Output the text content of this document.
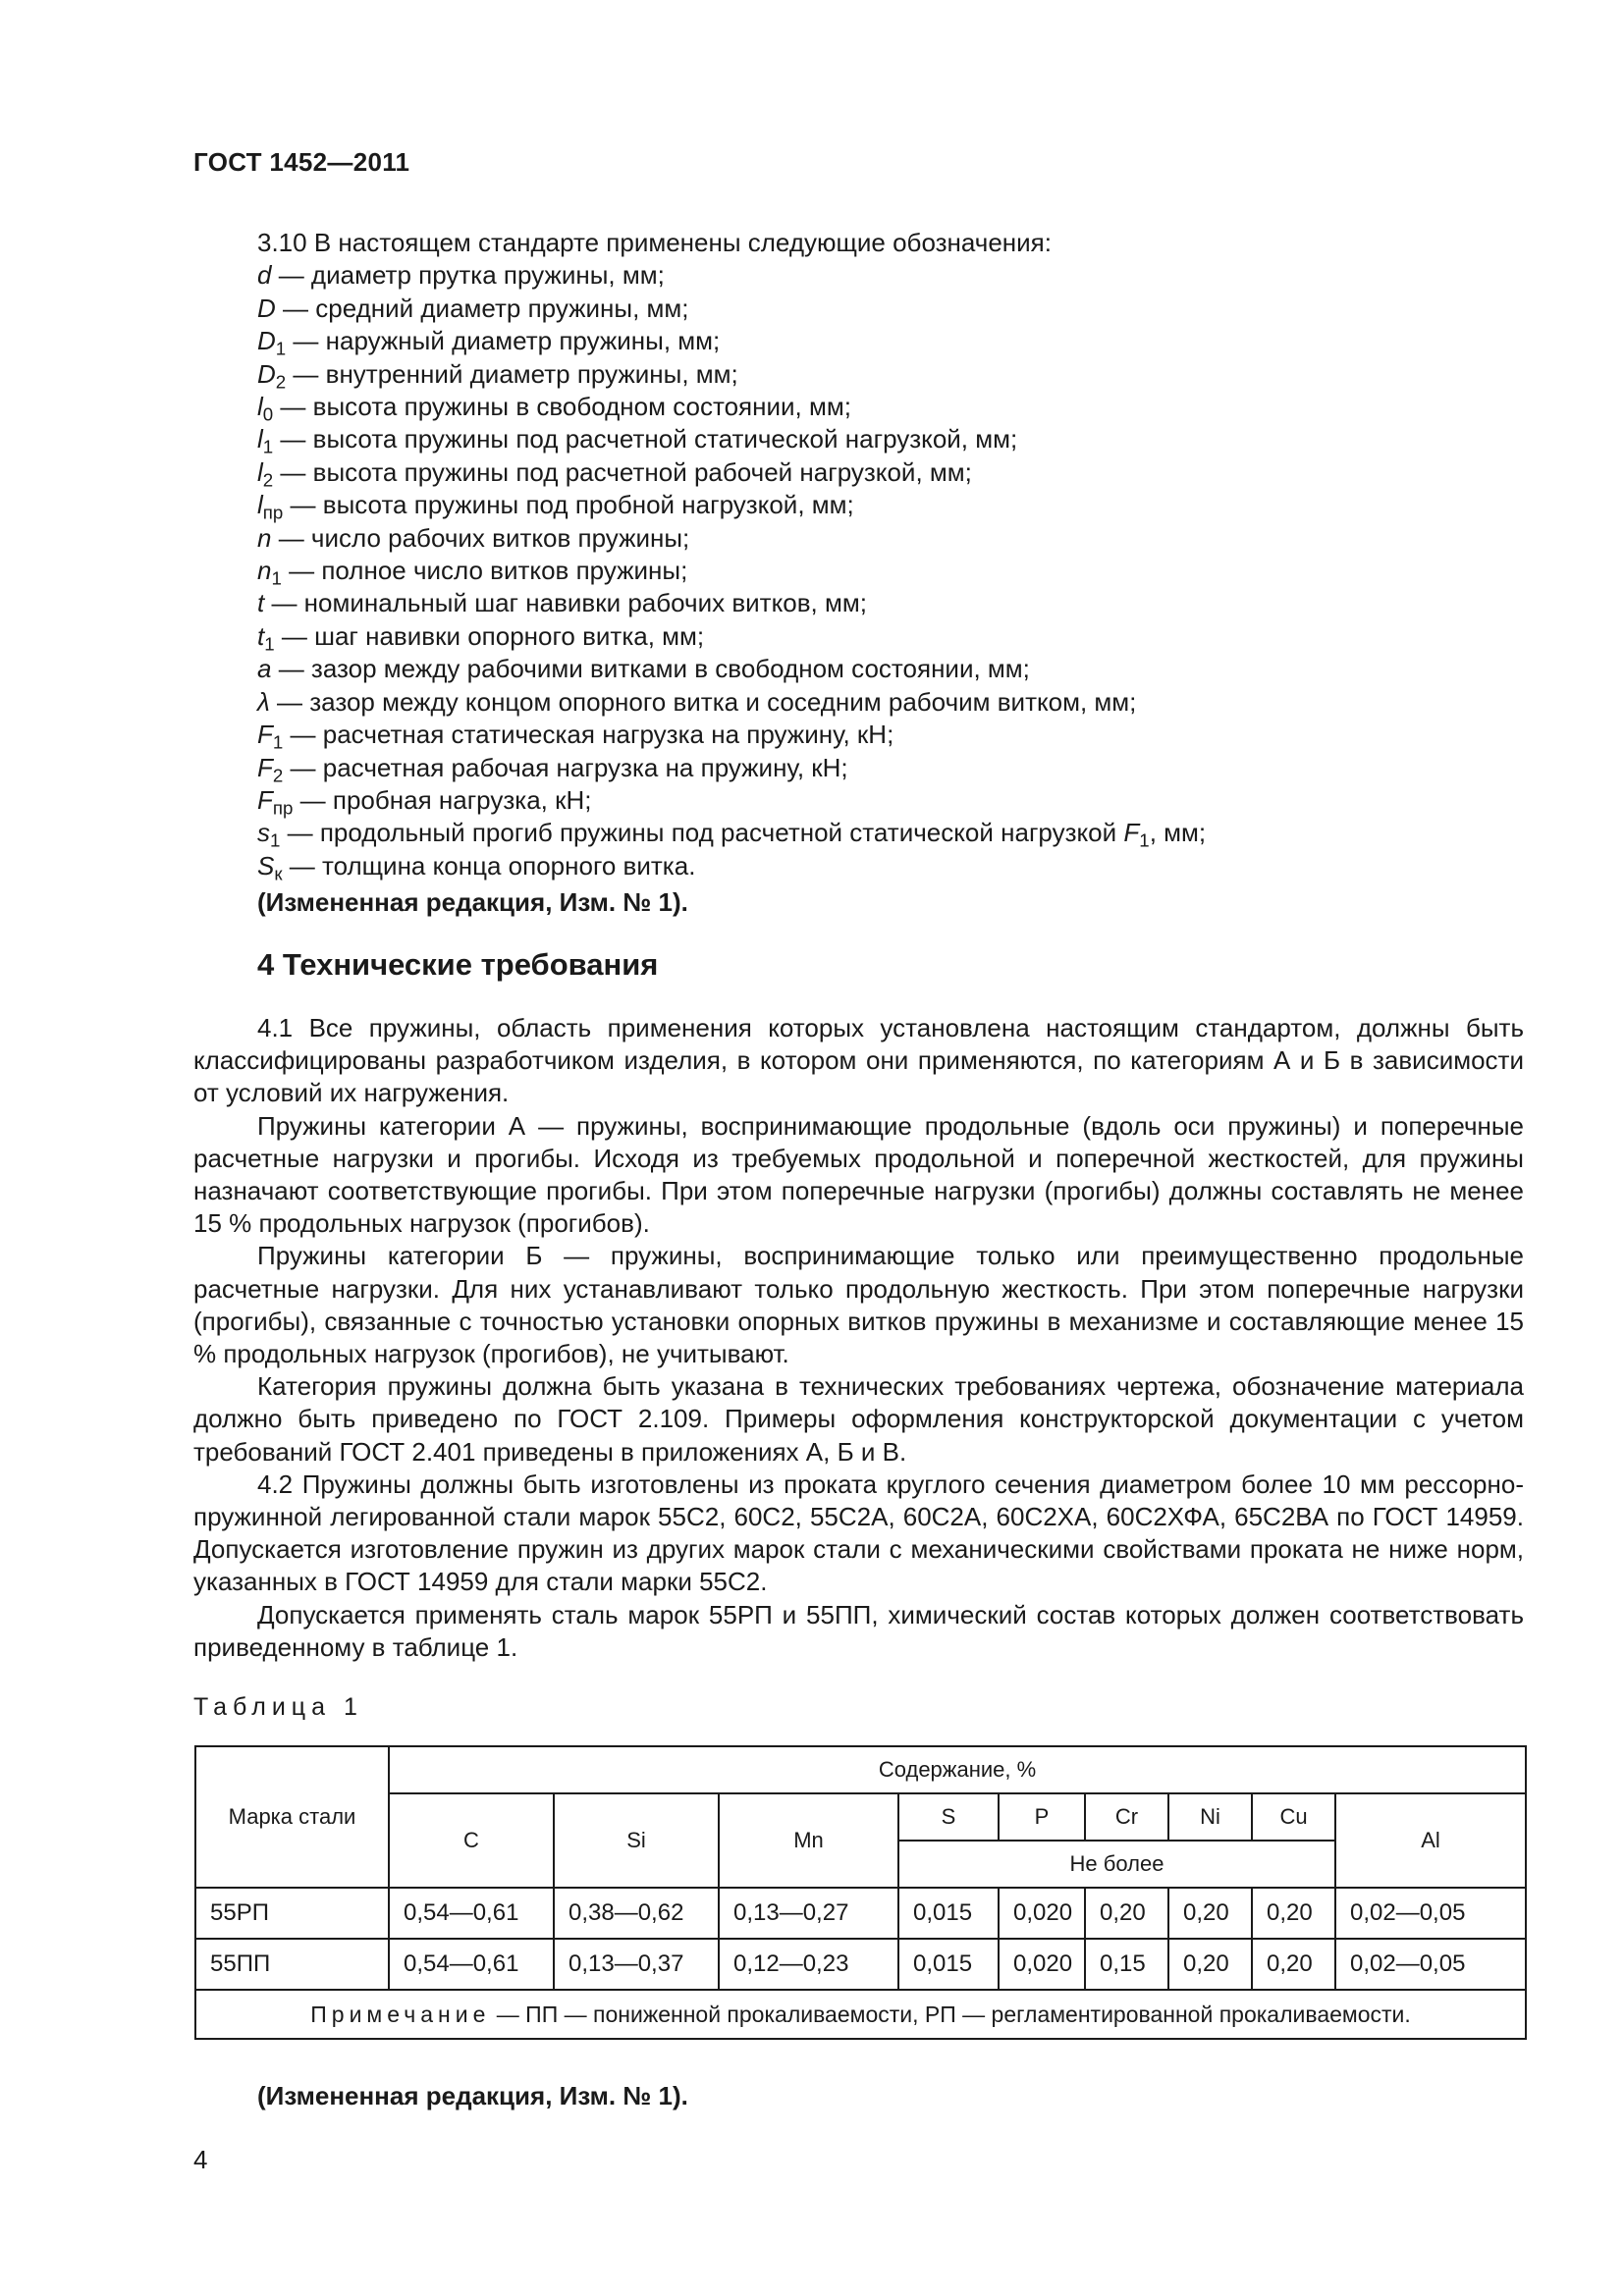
ГОСТ 1452—2011
3.10 В настоящем стандарте применены следующие обозначения:
d — диаметр прутка пружины, мм;
D — средний диаметр пружины, мм;
$D_1$ — наружный диаметр пружины, мм;
$D_2$ — внутренний диаметр пружины, мм;
$l_0$ — высота пружины в свободном состоянии, мм;
$l_1$ — высота пружины под расчетной статической нагрузкой, мм;
$l_2$ — высота пружины под расчетной рабочей нагрузкой, мм;
$l_{пр}$ — высота пружины под пробной нагрузкой, мм;
n — число рабочих витков пружины;
$n_1$ — полное число витков пружины;
t — номинальный шаг навивки рабочих витков, мм;
$t_1$ — шаг навивки опорного витка, мм;
a — зазор между рабочими витками в свободном состоянии, мм;
λ — зазор между концом опорного витка и соседним рабочим витком, мм;
$F_1$ — расчетная статическая нагрузка на пружину, кН;
$F_2$ — расчетная рабочая нагрузка на пружину, кН;
$F_{пр}$ — пробная нагрузка, кН;
$s_1$ — продольный прогиб пружины под расчетной статической нагрузкой $F_1$, мм;
$S_к$ — толщина конца опорного витка.
(Измененная редакция, Изм. № 1).
4 Технические требования

4.1 Все пружины, область применения которых установлена настоящим стандартом, должны быть классифицированы разработчиком изделия, в котором они применяются, по категориям А и Б в зависимости от условий их нагружения.

Пружины категории А — пружины, воспринимающие продольные (вдоль оси пружины) и поперечные расчетные нагрузки и прогибы. Исходя из требуемых продольной и поперечной жесткостей, для пружины назначают соответствующие прогибы. При этом поперечные нагрузки (прогибы) должны составлять не менее 15 % продольных нагрузок (прогибов).

Пружины категории Б — пружины, воспринимающие только или преимущественно продольные расчетные нагрузки. Для них устанавливают только продольную жесткость. При этом поперечные нагрузки (прогибы), связанные с точностью установки опорных витков пружины в механизме и составляющие менее 15 % продольных нагрузок (прогибов), не учитывают.

Категория пружины должна быть указана в технических требованиях чертежа, обозначение материала должно быть приведено по ГОСТ 2.109. Примеры оформления конструкторской документации с учетом требований ГОСТ 2.401 приведены в приложениях А, Б и В.

4.2 Пружины должны быть изготовлены из проката круглого сечения диаметром более 10 мм рессорно-пружинной легированной стали марок 55С2, 60С2, 55С2А, 60С2А, 60С2ХА, 60С2ХФА, 65С2ВА по ГОСТ 14959. Допускается изготовление пружин из других марок стали с механическими свойствами проката не ниже норм, указанных в ГОСТ 14959 для стали марки 55С2.

Допускается применять сталь марок 55РП и 55ПП, химический состав которых должен соответствовать приведенному в таблице 1.

Таблица 1
Марка стали	Содержание, %								
	C	Si	Mn	S	P	Cr	Ni	Cu	Al
				Не более					
55РП	0,54—0,61	0,38—0,62	0,13—0,27	0,015	0,020	0,20	0,20	0,20	0,02—0,05
55ПП	0,54—0,61	0,13—0,37	0,12—0,23	0,015	0,020	0,15	0,20	0,20	0,02—0,05
Примечание — ПП — пониженной прокаливаемости, РП — регламентированной прокаливаемости.									
(Измененная редакция, Изм. № 1).
4
